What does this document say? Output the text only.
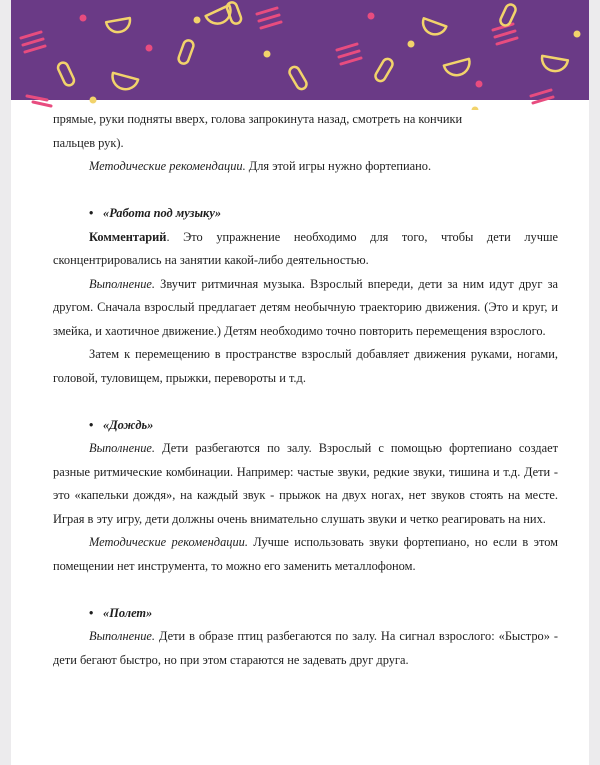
прямые, руки подняты вверх, голова запрокинута назад, смотреть на кончики
пальцев рук).

Методические рекомендации. Для этой игры нужно фортепиано.

• «Работа под музыку»

Комментарий. Это упражнение необходимо для того, чтобы дети лучше сконцентрировались на занятии какой-либо деятельностью.

Выполнение. Звучит ритмичная музыка. Взрослый впереди, дети за ним идут друг за другом. Сначала взрослый предлагает детям необычную траекторию движения. (Это и круг, и змейка, и хаотичное движение.) Детям необходимо точно повторить перемещения взрослого.

Затем к перемещению в пространстве взрослый добавляет движения руками, ногами, головой, туловищем, прыжки, перевороты и т.д.

• «Дождь»

Выполнение. Дети разбегаются по залу. Взрослый с помощью фортепиано создает разные ритмические комбинации. Например: частые звуки, редкие звуки, тишина и т.д. Дети - это «капельки дождя», на каждый звук - прыжок на двух ногах, нет звуков стоять на месте. Играя в эту игру, дети должны очень внимательно слушать звуки и четко реагировать на них.

Методические рекомендации. Лучше использовать звуки фортепиано, но если в этом помещении нет инструмента, то можно его заменить металлофоном.

• «Полет»

Выполнение. Дети в образе птиц разбегаются по залу. На сигнал взрослого: «Быстро» - дети бегают быстро, но при этом стараются не задевать друг друга.
